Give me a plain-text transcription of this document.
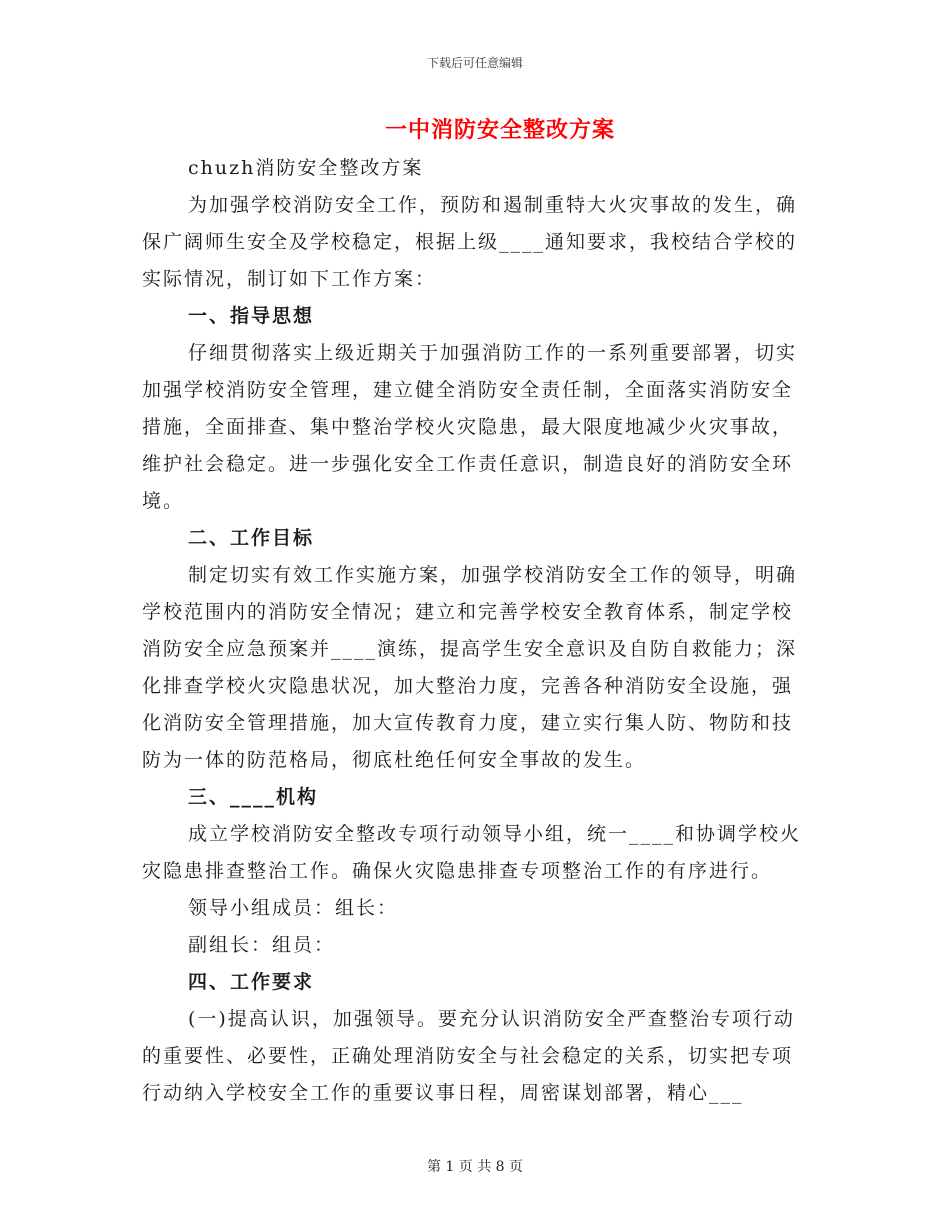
下载后可任意编辑
一中消防安全整改方案

chuzh消防安全整改方案

为加强学校消防安全工作，预防和遏制重特大火灾事故的发生，确保广阔师生安全及学校稳定，根据上级____通知要求，我校结合学校的实际情况，制订如下工作方案：

一、指导思想

仔细贯彻落实上级近期关于加强消防工作的一系列重要部署，切实加强学校消防安全管理，建立健全消防安全责任制，全面落实消防安全措施，全面排查、集中整治学校火灾隐患，最大限度地减少火灾事故，维护社会稳定。进一步强化安全工作责任意识，制造良好的消防安全环境。

二、工作目标

制定切实有效工作实施方案，加强学校消防安全工作的领导，明确学校范围内的消防安全情况；建立和完善学校安全教育体系，制定学校消防安全应急预案并____演练，提高学生安全意识及自防自救能力；深化排查学校火灾隐患状况，加大整治力度，完善各种消防安全设施，强化消防安全管理措施，加大宣传教育力度，建立实行集人防、物防和技防为一体的防范格局，彻底杜绝任何安全事故的发生。

三、____机构

成立学校消防安全整改专项行动领导小组，统一____和协调学校火灾隐患排查整治工作。确保火灾隐患排查专项整治工作的有序进行。

领导小组成员：组长：

副组长：组员：

四、工作要求

(一)提高认识，加强领导。要充分认识消防安全严查整治专项行动的重要性、必要性，正确处理消防安全与社会稳定的关系，切实把专项行动纳入学校安全工作的重要议事日程，周密谋划部署，精心___

第 1 页 共 8 页
